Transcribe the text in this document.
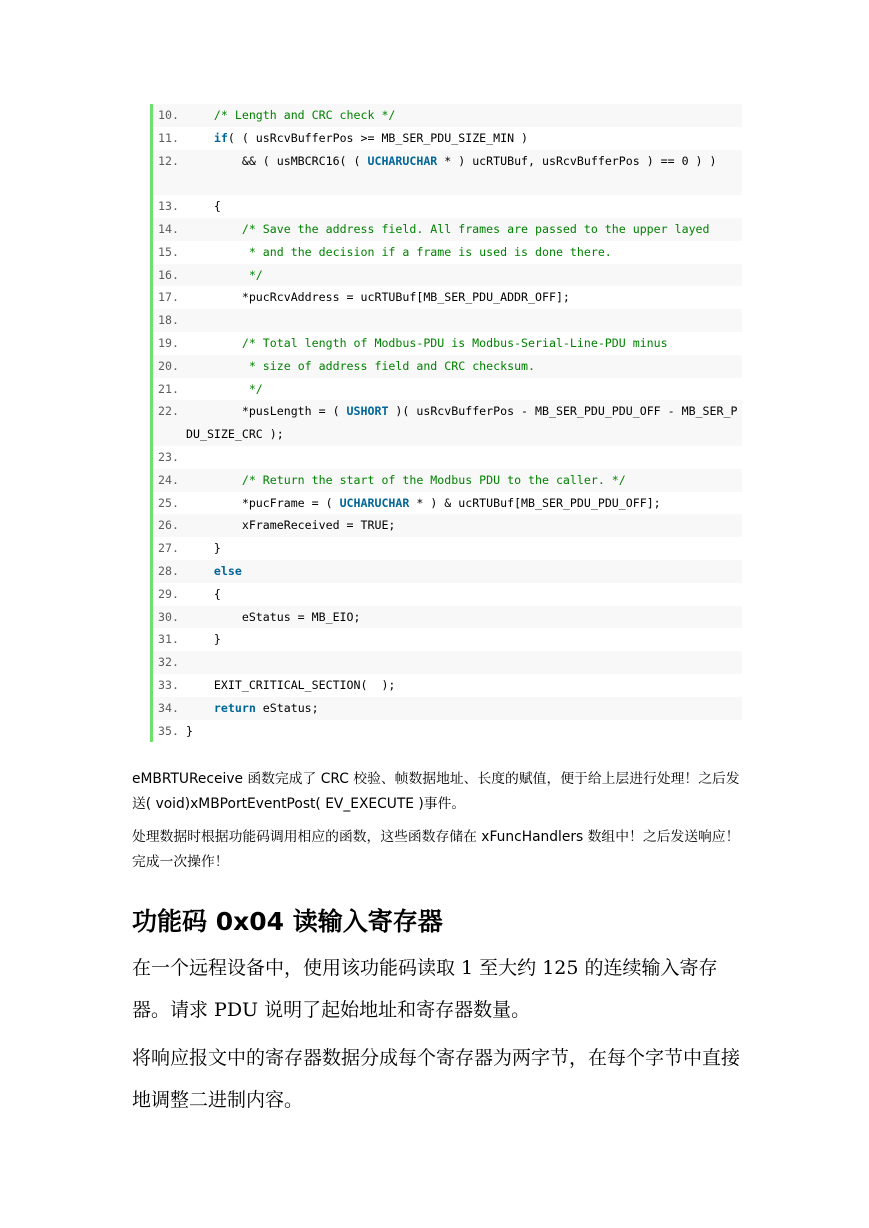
10.	/* Length and CRC check */
11.	if( ( usRcvBufferPos >= MB_SER_PDU_SIZE_MIN )
12. && ( usMBCRC16( ( UCHARUCHAR * ) ucRTUBuf, usRcvBufferPos ) == 0 ) )
13. {
14.	/* Save the address field. All frames are passed to the upper layed
15.	* and the decision if a frame is used is done there.
16.	*/
17. *pucRcvAddress = ucRTUBuf[MB_SER_PDU_ADDR_OFF];
18.
19.	/* Total length of Modbus-PDU is Modbus-Serial-Line-PDU minus
20.	* size of address field and CRC checksum.
21.	*/
22. *pusLength = ( USHORT )( usRcvBufferPos - MB_SER_PDU_PDU_OFF - MB_SER_PDU_SIZE_CRC );
23.
24.	/* Return the start of the Modbus PDU to the caller. */
25. *pucFrame = ( UCHARUCHAR * ) & ucRTUBuf[MB_SER_PDU_PDU_OFF];
26. xFrameReceived = TRUE;
27. }
28.	else
29. {
30. eStatus = MB_EIO;
31. }
32.
33. EXIT_CRITICAL_SECTION(  );
34.	return eStatus;
35. }

eMBRTUReceive 函数完成了 CRC 校验、帧数据地址、长度的赋值，便于给上层进行处理！之后发送( void)xMBPortEventPost( EV_EXECUTE )事件。

处理数据时根据功能码调用相应的函数，这些函数存储在 xFuncHandlers 数组中！之后发送响应！完成一次操作！

功能码 0x04 读输入寄存器

在一个远程设备中，使用该功能码读取 1 至大约 125 的连续输入寄存器。请求 PDU 说明了起始地址和寄存器数量。

将响应报文中的寄存器数据分成每个寄存器为两字节，在每个字节中直接地调整二进制内容。
